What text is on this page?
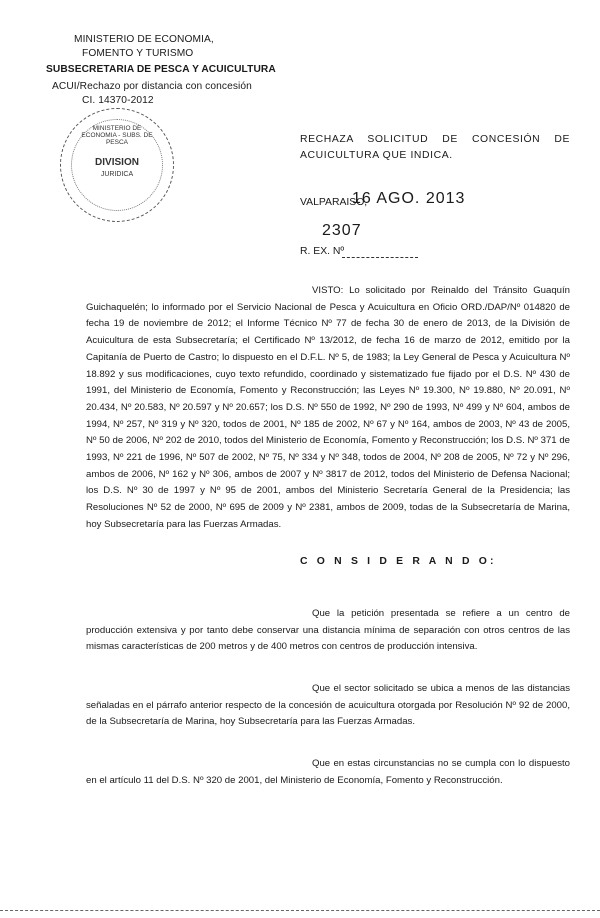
MINISTERIO DE ECONOMIA,
FOMENTO Y TURISMO
SUBSECRETARIA DE PESCA Y ACUICULTURA
ACUI/Rechazo por distancia con concesión
CI. 14370-2012
MINISTERIO DE ECONOMIA - SUBS. DE PESCA
DIVISION
JURIDICA
RECHAZA SOLICITUD DE CONCESIÓN DE ACUICULTURA QUE INDICA.
VALPARAISO,
16 AGO. 2013
2307
R. EX. Nº
VISTO: Lo solicitado por Reinaldo del Tránsito Guaquín Guichaquelén; lo informado por el Servicio Nacional de Pesca y Acuicultura en Oficio ORD./DAP/Nº 014820 de fecha 19 de noviembre de 2012; el Informe Técnico Nº 77 de fecha 30 de enero de 2013, de la División de Acuicultura de esta Subsecretaría; el Certificado Nº 13/2012, de fecha 16 de marzo de 2012, emitido por la Capitanía de Puerto de Castro; lo dispuesto en el D.F.L. Nº 5, de 1983; la Ley General de Pesca y Acuicultura Nº 18.892 y sus modificaciones, cuyo texto refundido, coordinado y sistematizado fue fijado por el D.S. Nº 430 de 1991, del Ministerio de Economía, Fomento y Reconstrucción; las Leyes Nº 19.300, Nº 19.880, Nº 20.091, Nº 20.434, Nº 20.583, Nº 20.597 y Nº 20.657; los D.S. Nº 550 de 1992, Nº 290 de 1993, Nº 499 y Nº 604, ambos de 1994, Nº 257, Nº 319 y Nº 320, todos de 2001, Nº 185 de 2002, Nº 67 y Nº 164, ambos de 2003, Nº 43 de 2005, Nº 50 de 2006, Nº 202 de 2010, todos del Ministerio de Economía, Fomento y Reconstrucción; los D.S. Nº 371 de 1993, Nº 221 de 1996, Nº 507 de 2002, Nº 75, Nº 334 y Nº 348, todos de 2004, Nº 208 de 2005, Nº 72 y Nº 296, ambos de 2006, Nº 162 y Nº 306, ambos de 2007 y Nº 3817 de 2012, todos del Ministerio de Defensa Nacional; los D.S. Nº 30 de 1997 y Nº 95 de 2001, ambos del Ministerio Secretaría General de la Presidencia; las Resoluciones Nº 52 de 2000, Nº 695 de 2009 y Nº 2381, ambos de 2009, todas de la Subsecretaría de Marina, hoy Subsecretaría para las Fuerzas Armadas.
C O N S I D E R A N D O:
Que la petición presentada se refiere a un centro de producción extensiva y por tanto debe conservar una distancia mínima de separación con otros centros de las mismas características de 200 metros y de 400 metros con centros de producción intensiva.
Que el sector solicitado se ubica a menos de las distancias señaladas en el párrafo anterior respecto de la concesión de acuicultura otorgada por Resolución Nº 92 de 2000, de la Subsecretaría de Marina, hoy Subsecretaría para las Fuerzas Armadas.
Que en estas circunstancias no se cumpla con lo dispuesto en el artículo 11 del D.S. Nº 320 de 2001, del Ministerio de Economía, Fomento y Reconstrucción.
